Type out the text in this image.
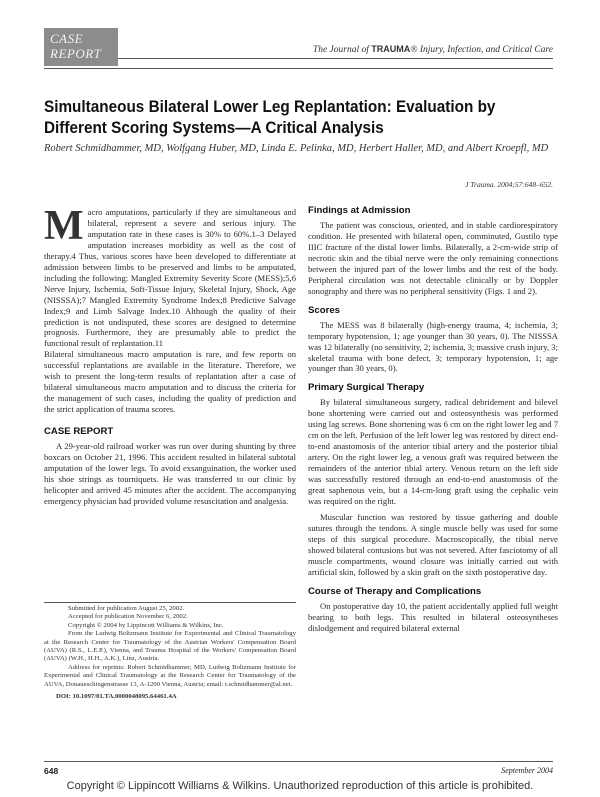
CASE
REPORT	The Journal of TRAUMA® Injury, Infection, and Critical Care
Simultaneous Bilateral Lower Leg Replantation: Evaluation by Different Scoring Systems—A Critical Analysis
Robert Schmidhammer, MD, Wolfgang Huber, MD, Linda E. Pelinka, MD, Herbert Haller, MD, and Albert Kroepfl, MD
J Trauma. 2004;57:648–652.

Macro amputations, particularly if they are simultaneous and bilateral, represent a severe and serious injury. The amputation rate in these cases is 30% to 60%.1–3 Delayed amputation increases morbidity as well as the cost of therapy.4 Thus, various scores have been developed to differentiate at admission between limbs to be preserved and limbs to be amputated, including the following: Mangled Extremity Severity Score (MESS);5,6 Nerve Injury, Ischemia, Soft-Tissue Injury, Skeletal Injury, Shock, Age (NISSSA);7 Mangled Extremity Syndrome Index;8 Predictive Salvage Index;9 and Limb Salvage Index.10 Although the quality of their prediction is not undisputed, these scores are designed to determine prognosis. Furthermore, they are presumably able to predict the functional result of replantation.11

Bilateral simultaneous macro amputation is rare, and few reports on successful replantations are available in the literature. Therefore, we wish to present the long-term results of replantation after a case of bilateral simultaneous macro amputation and to discuss the criteria for the management of such cases, including the quality of prediction and the strict application of trauma scores.

CASE REPORT

A 29-year-old railroad worker was run over during shunting by three boxcars on October 21, 1996. This accident resulted in bilateral subtotal amputation of the lower legs. To avoid exsanguination, the worker used his shoe strings as tourniquets. He was transferred to our clinic by helicopter and arrived 45 minutes after the accident. The accompanying emergency physician had provided volume resuscitation and analgesia.

Submitted for publication August 25, 2002.

Accepted for publication November 6, 2002.

Copyright © 2004 by Lippincott Williams & Wilkins, Inc.

From the Ludwig Boltzmann Institute for Experimental and Clinical Traumatology at the Research Center for Traumatology of the Austrian Workers' Compensation Board (AUVA) (R.S., L.E.P.), Vienna, and Trauma Hospital of the Workers' Compensation Board (AUVA) (W.H., H.H., A.K.), Linz, Austria.

Address for reprints: Robert Schmidhammer, MD, Ludwig Boltzmann Institute for Experimental and Clinical Traumatology at the Research Center for Traumatology of the AUVA, Donaueschingenstrasse 13, A-1200 Vienna, Austria; email: r.schmidhammer@al.net.

DOI: 10.1097/01.TA.0000048095.64461.4A

Findings at Admission

The patient was conscious, oriented, and in stable cardiorespiratory condition. He presented with bilateral open, comminuted, Gustilo type IIIC fracture of the distal lower limbs. Bilaterally, a 2-cm-wide strip of necrotic skin and the tibial nerve were the only remaining connections between the injured part of the lower limbs and the rest of the body. Peripheral circulation was not detectable clinically or by Doppler sonography and there was no peripheral sensitivity (Figs. 1 and 2).

Scores

The MESS was 8 bilaterally (high-energy trauma, 4; ischemia, 3; temporary hypotension, 1; age younger than 30 years, 0). The NISSSA was 12 bilaterally (no sensitivity, 2; ischemia, 3; massive crush injury, 3; skeletal trauma with bone defect, 3; temporary hypotension, 1; age younger than 30 years, 0).

Primary Surgical Therapy

By bilateral simultaneous surgery, radical debridement and bilevel bone shortening were carried out and osteosynthesis was performed using lag screws. Bone shortening was 6 cm on the right lower leg and 7 cm on the left. Perfusion of the left lower leg was restored by direct end-to-end anastomosis of the anterior tibial artery and the posterior tibial artery. On the right lower leg, a venous graft was required between the remainders of the anterior tibial artery. Venous return on the left side was successfully restored through an end-to-end anastomosis of the great saphenous vein, but a 14-cm-long graft using the cephalic vein was required on the right.

Muscular function was restored by tissue gathering and double sutures through the tendons. A single muscle belly was used for some steps of this surgical procedure. Macroscopically, the tibial nerve showed bilateral contusions but was not severed. After fasciotomy of all muscle compartments, wound closure was initially carried out with artificial skin, followed by a skin graft on the sixth postoperative day.

Course of Therapy and Complications

On postoperative day 10, the patient accidentally applied full weight bearing to both legs. This resulted in bilateral osteosyntheses dislodgement and required bilateral external

648	September 2004
Copyright © Lippincott Williams & Wilkins. Unauthorized reproduction of this article is prohibited.
